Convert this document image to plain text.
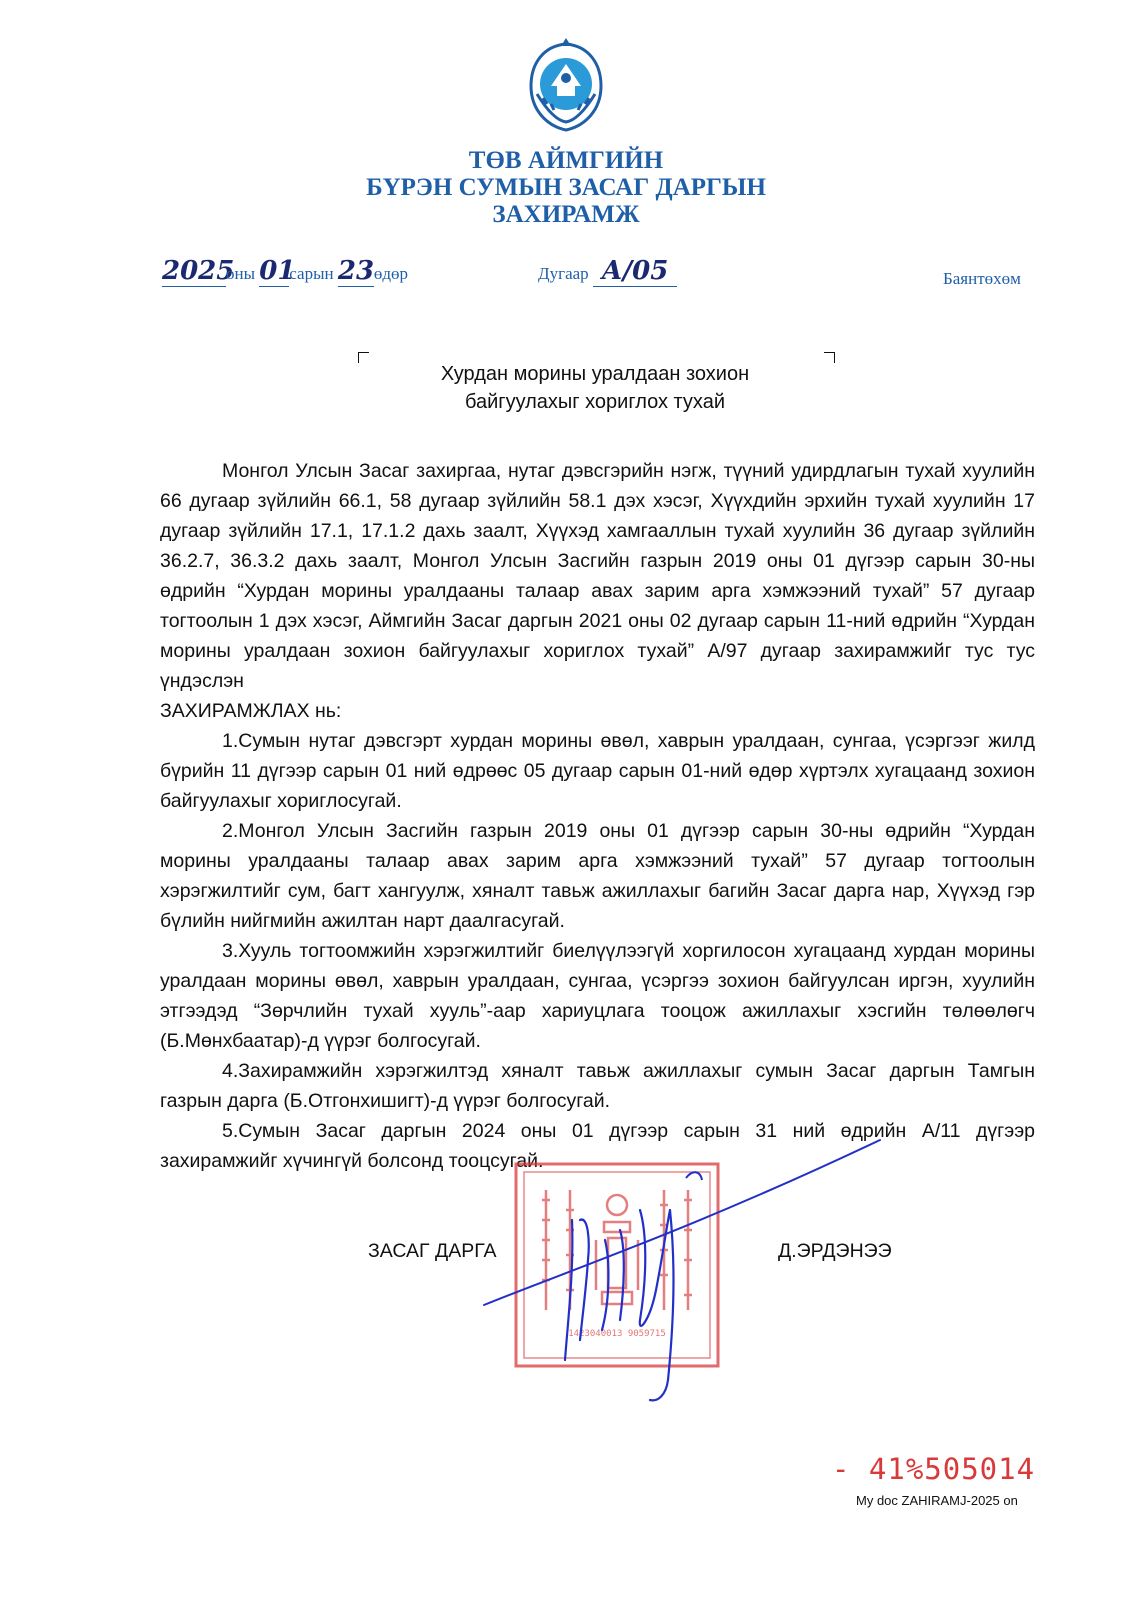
ТӨВ АЙМГИЙН
БҮРЭН СУМЫН ЗАСАГ ДАРГЫН
ЗАХИРАМЖ
2025оны 01сарын 23өдөр	Дугаар А/05	Баянтөхөм
Хурдан морины уралдаан зохион
байгуулахыг хориглох тухай

Монгол Улсын Засаг захиргаа, нутаг дэвсгэрийн нэгж, түүний удирдлагын тухай хуулийн 66 дугаар зүйлийн 66.1, 58 дугаар зүйлийн 58.1 дэх хэсэг, Хүүхдийн эрхийн тухай хуулийн 17 дугаар зүйлийн 17.1, 17.1.2 дахь заалт, Хүүхэд хамгааллын тухай хуулийн 36 дугаар зүйлийн 36.2.7, 36.3.2 дахь заалт, Монгол Улсын Засгийн газрын 2019 оны 01 дүгээр сарын 30-ны өдрийн “Хурдан морины уралдааны талаар авах зарим арга хэмжээний тухай” 57 дугаар тогтоолын 1 дэх хэсэг, Аймгийн Засаг даргын 2021 оны 02 дугаар сарын 11-ний өдрийн “Хурдан морины уралдаан зохион байгуулахыг хориглох тухай” А/97 дугаар захирамжийг тус тус үндэслэн

ЗАХИРАМЖЛАХ нь:

1.Сумын нутаг дэвсгэрт хурдан морины өвөл, хаврын уралдаан, сунгаа, үсэргээг жилд бүрийн 11 дүгээр сарын 01 ний өдрөөс 05 дугаар сарын 01-ний өдөр хүртэлх хугацаанд зохион байгуулахыг хориглосугай.

2.Монгол Улсын Засгийн газрын 2019 оны 01 дүгээр сарын 30-ны өдрийн “Хурдан морины уралдааны талаар авах зарим арга хэмжээний тухай” 57 дугаар тогтоолын хэрэгжилтийг сум, багт хангуулж, хяналт тавьж ажиллахыг багийн Засаг дарга нар, Хүүхэд гэр бүлийн нийгмийн ажилтан нарт даалгасугай.

3.Хууль тогтоомжийн хэрэгжилтийг биелүүлээгүй хоргилосон хугацаанд хурдан морины уралдаан морины өвөл, хаврын уралдаан, сунгаа, үсэргээ зохион байгуулсан иргэн, хуулийн этгээдэд “Зөрчлийн тухай хууль”-аар хариуцлага тооцож ажиллахыг хэсгийн төлөөлөгч (Б.Мөнхбаатар)-д үүрэг болгосугай.

4.Захирамжийн хэрэгжилтэд хяналт тавьж ажиллахыг сумын Засаг даргын Тамгын газрын дарга (Б.Отгонхишигт)-д үүрэг болгосугай.

5.Сумын Засаг даргын 2024 оны 01 дүгээр сарын 31 ний өдрийн А/11 дүгээр захирамжийг хүчингүй болсонд тооцсугай.

1423040013 9059715
ЗАСАГ ДАРГА	Д.ЭРДЭНЭЭ
- 41%505014
My doc ZAHIRAMJ-2025 on
